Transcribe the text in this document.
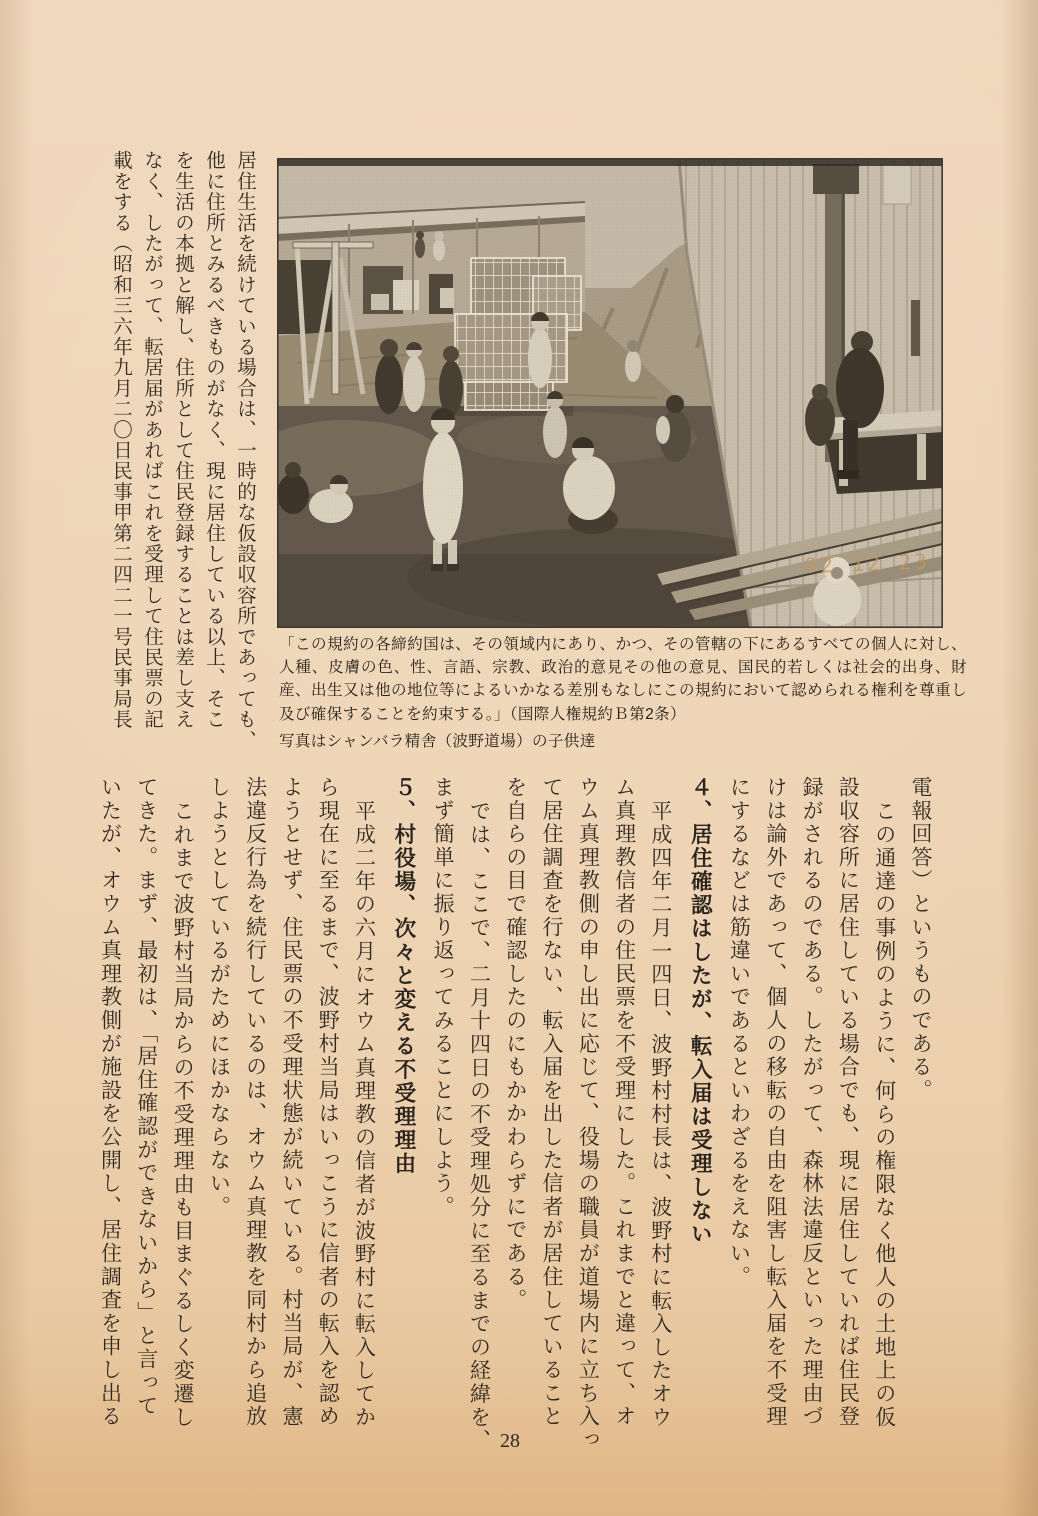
居住生活を続けている場合は、一時的な仮設収容所であっても、
他に住所とみるべきものがなく、現に居住している以上、そこ
を生活の本拠と解し、住所として住民登録することは差し支え
なく、したがって、転居届があればこれを受理して住民票の記
載をする（昭和三六年九月二〇日民事甲第二四二一号民事局長	92 12 23
「この規約の各締約国は、その領域内にあり、かつ、その管轄の下にあるすべての個人に対し、人種、皮膚の色、性、言語、宗教、政治的意見その他の意見、国民的若しくは社会的出身、財産、出生又は他の地位等によるいかなる差別もなしにこの規約において認められる権利を尊重し及び確保することを約束する。」（国際人権規約Ｂ第2条）
写真はシャンバラ精舎（波野道場）の子供達
電報回答）というものである。
この通達の事例のように、何らの権限なく他人の土地上の仮
設収容所に居住している場合でも、現に居住していれば住民登
録がされるのである。したがって、森林法違反といった理由づ
けは論外であって、個人の移転の自由を阻害し転入届を不受理
にするなどは筋違いであるといわざるをえない。
４、居住確認はしたが、転入届は受理しない
平成四年二月一四日、波野村村長は、波野村に転入したオウ
ム真理教信者の住民票を不受理にした。これまでと違って、オ
ウム真理教側の申し出に応じて、役場の職員が道場内に立ち入っ
て居住調査を行ない、転入届を出した信者が居住していること
を自らの目で確認したのにもかかわらずにである。
では、ここで、二月十四日の不受理処分に至るまでの経緯を、
まず簡単に振り返ってみることにしよう。
５、村役場、次々と変える不受理理由
平成二年の六月にオウム真理教の信者が波野村に転入してか
ら現在に至るまで、波野村当局はいっこうに信者の転入を認め
ようとせず、住民票の不受理状態が続いている。村当局が、憲
法違反行為を続行しているのは、オウム真理教を同村から追放
しようとしているがためにほかならない。
これまで波野村当局からの不受理理由も目まぐるしく変遷し
てきた。まず、最初は、「居住確認ができないから」と言って
いたが、オウム真理教側が施設を公開し、居住調査を申し出る
28
